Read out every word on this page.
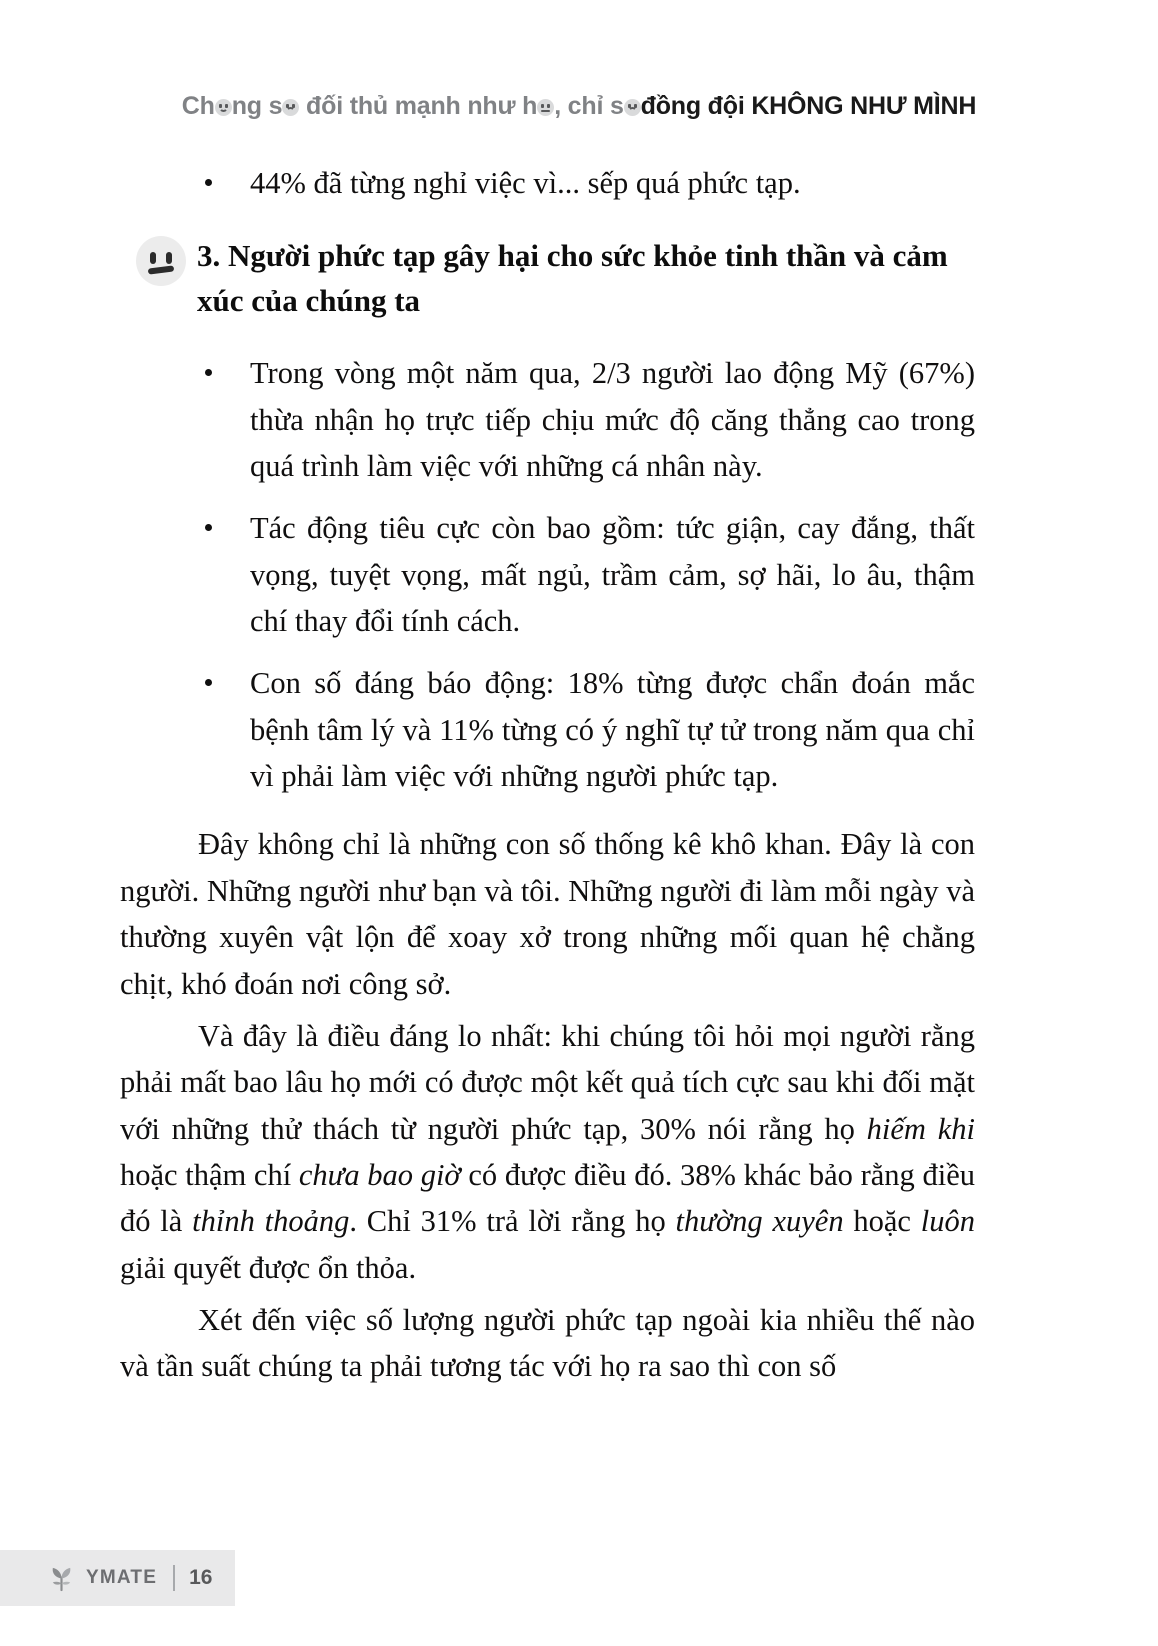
Ch ng s
đối thủ mạnh như h , chỉ s đồng đội KHÔNG NHƯ MÌNH
44% đã từng nghỉ việc vì... sếp quá phức tạp.
3. Người phức tạp gây hại cho sức khỏe tinh thần và cảm xúc của chúng ta
Trong vòng một năm qua, 2/3 người lao động Mỹ (67%) thừa nhận họ trực tiếp chịu mức độ căng thẳng cao trong quá trình làm việc với những cá nhân này.
Tác động tiêu cực còn bao gồm: tức giận, cay đắng, thất vọng, tuyệt vọng, mất ngủ, trầm cảm, sợ hãi, lo âu, thậm chí thay đổi tính cách.
Con số đáng báo động: 18% từng được chẩn đoán mắc bệnh tâm lý và 11% từng có ý nghĩ tự tử trong năm qua chỉ vì phải làm việc với những người phức tạp.

Đây không chỉ là những con số thống kê khô khan. Đây là con người. Những người như bạn và tôi. Những người đi làm mỗi ngày và thường xuyên vật lộn để xoay xở trong những mối quan hệ chằng chịt, khó đoán nơi công sở.

Và đây là điều đáng lo nhất: khi chúng tôi hỏi mọi người rằng phải mất bao lâu họ mới có được một kết quả tích cực sau khi đối mặt với những thử thách từ người phức tạp, 30% nói rằng họ hiếm khi hoặc thậm chí chưa bao giờ có được điều đó. 38% khác bảo rằng điều đó là thỉnh thoảng. Chỉ 31% trả lời rằng họ thường xuyên hoặc luôn giải quyết được ổn thỏa.

Xét đến việc số lượng người phức tạp ngoài kia nhiều thế nào và tần suất chúng ta phải tương tác với họ ra sao thì con số

YMATE 16
